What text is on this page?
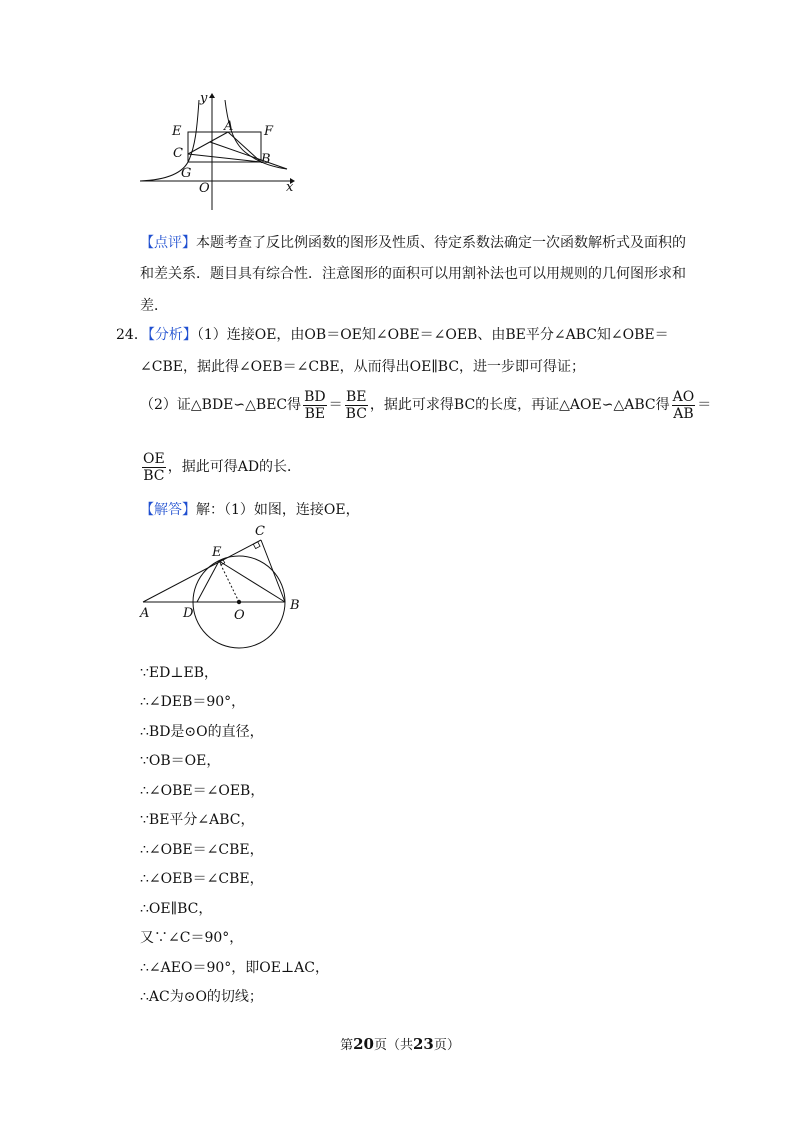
y
E	A F
C	B
G
O	x
【点评】本题考查了反比例函数的图形及性质、待定系数法确定一次函数解析式及面积的
和差关系．题目具有综合性．注意图形的面积可以用割补法也可以用规则的几何图形求和
差．
24．【分析】（1）连接OE，由OB＝OE知∠OBE＝∠OEB、由BE平分∠ABC知∠OBE＝
∠CBE，据此得∠OEB＝∠CBE，从而得出OE∥BC，进一步即可得证；
（2）证△BDE∽△BEC得 $\frac{BD}{BE} = \frac{BE}{BC}$ ，据此可求得BC的长度，再证△AOE∽△ABC得 $\frac{AO}{AB}$ ＝
$\frac{OE}{BC}$ ，据此可得AD的长．
【解答】解：（1）如图，连接OE，
C
E
A	D	O
B
∵ED⊥EB，
∴∠DEB＝90°，
∴BD是⊙O的直径，
∵OB＝OE，
∴∠OBE＝∠OEB，
∵BE平分∠ABC，
∴∠OBE＝∠CBE，
∴∠OEB＝∠CBE，
∴OE∥BC，
又∵∠C＝90°，
∴∠AEO＝90°，即OE⊥AC，
∴AC为⊙O的切线；
第20页（共23页）
